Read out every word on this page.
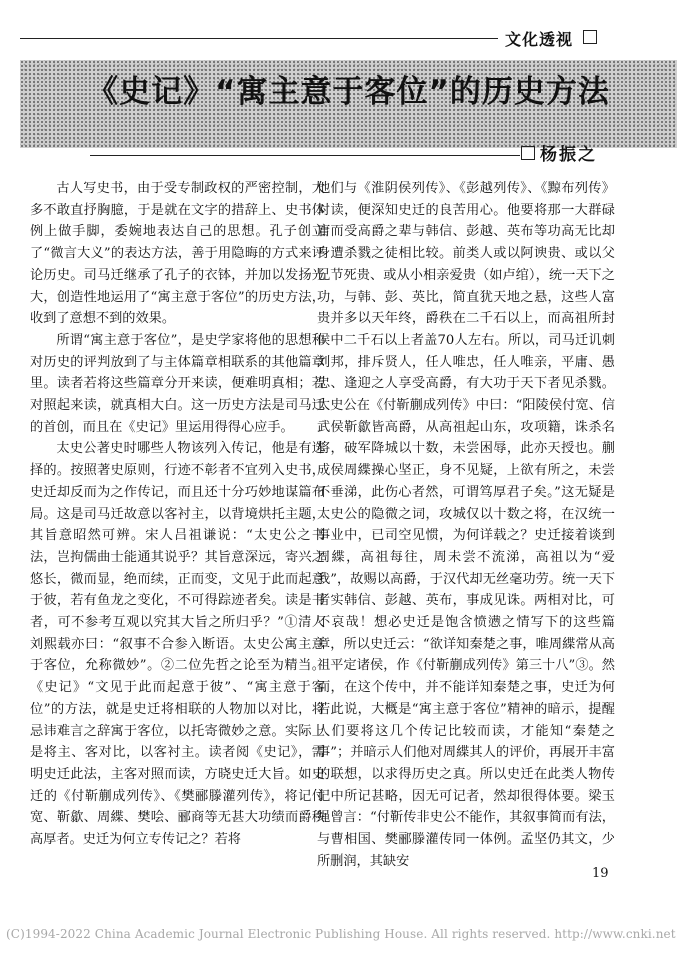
文化透视
《史记》“寓主意于客位”的历史方法
杨振之

古人写史书，由于受专制政权的严密控制，大多不敢直抒胸臆，于是就在文字的措辞上、史书体例上做手脚，委婉地表达自己的思想。孔子创立了“微言大义”的表达方法，善于用隐晦的方式来评论历史。司马迁继承了孔子的衣钵，并加以发扬光大，创造性地运用了“寓主意于客位”的历史方法，收到了意想不到的效果。

所谓“寓主意于客位”，是史学家将他的思想和对历史的评判放到了与主体篇章相联系的其他篇章里。读者若将这些篇章分开来读，便难明真相；若对照起来读，就真相大白。这一历史方法是司马迁的首创，而且在《史记》里运用得得心应手。

太史公著史时哪些人物该列入传记，他是有选择的。按照著史原则，行迹不彰者不宜列入史书，史迁却反而为之作传记，而且还十分巧妙地谋篇布局。这是司马迁故意以客衬主，以背境烘托主题，其旨意昭然可辨。宋人吕祖谦说：“太史公之书法，岂拘儒曲士能通其说乎？其旨意深远，寄兴之悠长，微而显，绝而续，正而变，文见于此而起意于彼，若有鱼龙之变化，不可得踪迹者矣。读是书者，可不参考互观以究其大旨之所归乎？”①清人刘熙载亦曰：“叙事不合参入断语。太史公寓主意于客位，允称微妙”。②二位先哲之论至为精当。《史记》“文见于此而起意于彼”、“寓主意于客位”的方法，就是史迁将相联的人物加以对比，将忌讳难言之辞寓于客位，以托寄微妙之意。实际上是将主、客对比，以客衬主。读者阅《史记》，需明史迁此法，主客对照而读，方晓史迁大旨。如史迁的《付靳蒯成列传》、《樊郦滕灌列传》，将记付宽、靳歙、周緤、樊哙、郦商等无甚大功绩而爵秩高厚者。史迁为何立专传记之？若将

他们与《淮阴侯列传》、《彭越列传》、《黥布列传》对读，便深知史迁的良苦用心。他要将那一大群碌庸而受高爵之辈与韩信、彭越、英布等功高无比却身遭杀戮之徒相比较。前类人或以阿谀贵、或以父兄节死贵、或从小相亲爱贵（如卢绾），统一天下之功，与韩、彭、英比，简直犹天地之悬，这些人富贵并多以天年终，爵秩在二千石以上，而高祖所封侯中二千石以上者盖70人左右。所以，司马迁讥刺刘邦，排斥贤人，任人唯忠，任人唯亲，平庸、愚忠、逢迎之人享受高爵，有大功于天下者见杀戮。太史公在《付靳蒯成列传》中曰：“阳陵侯付宽、信武侯靳歙皆高爵，从高祖起山东，攻项籍，诛杀名将，破军降城以十数，未尝困辱，此亦天授也。蒯成侯周緤操心坚正，身不见疑，上欲有所之，未尝不垂涕，此伤心者然，可谓笃厚君子矣。”这无疑是太史公的隐微之词，攻城仅以十数之将，在汉统一事业中，已司空见惯，为何详载之？史迁接着谈到周緤，高祖每往，周未尝不流涕，高祖以为“爱我”，故赐以高爵，于汉代却无丝毫功劳。统一天下者实韩信、彭越、英布，事成见诛。两相对比，可不哀哉！想必史迁是饱含愤懑之情写下的这些篇章，所以史迁云：“欲详知秦楚之事，唯周緤常从高祖平定诸侯，作《付靳蒯成列传》第三十八”③。然而，在这个传中，并不能详知秦楚之事，史迁为何若此说，大概是“寓主意于客位”精神的暗示，提醒人们要将这几个传记比较而读，才能知“秦楚之事”；并暗示人们他对周緤其人的评价，再展开丰富的联想，以求得历史之真。所以史迁在此类人物传记中所记甚略，因无可记者，然却很得体要。梁玉绳曾言：“付靳传非史公不能作，其叙事简而有法，与曹相国、樊郦滕灌传同一体例。孟坚仍其文，少所删润，其缺安

19
(C)1994-2022 China Academic Journal Electronic Publishing House. All rights reserved. http://www.cnki.net
